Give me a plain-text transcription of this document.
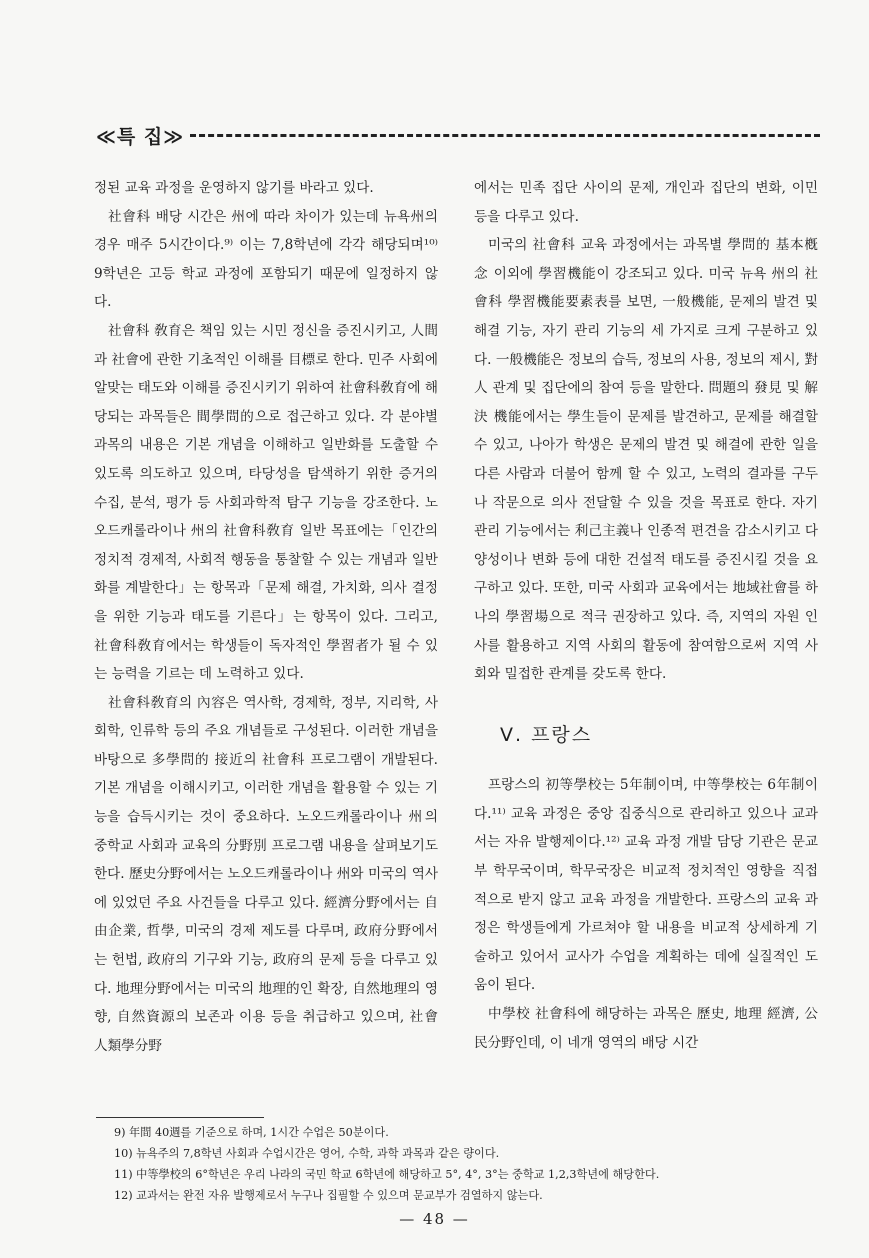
≪특 집≫

정된 교육 과정을 운영하지 않기를 바라고 있다.

社會科 배당 시간은 州에 따라 차이가 있는데 뉴욕州의 경우 매주 5시간이다.⁹⁾ 이는 7,8학년에 각각 해당되며¹⁰⁾ 9학년은 고등 학교 과정에 포함되기 때문에 일정하지 않다.

社會科 敎育은 책임 있는 시민 정신을 증진시키고, 人間과 社會에 관한 기초적인 이해를 目標로 한다. 민주 사회에 알맞는 태도와 이해를 증진시키기 위하여 社會科敎育에 해당되는 과목들은 間學問的으로 접근하고 있다. 각 분야별 과목의 내용은 기본 개념을 이해하고 일반화를 도출할 수 있도록 의도하고 있으며, 타당성을 탐색하기 위한 증거의 수집, 분석, 평가 등 사회과학적 탐구 기능을 강조한다. 노오드캐롤라이나 州의 社會科敎育 일반 목표에는「인간의 정치적 경제적, 사회적 행동을 통찰할 수 있는 개념과 일반화를 계발한다」는 항목과「문제 해결, 가치화, 의사 결정을 위한 기능과 태도를 기른다」는 항목이 있다. 그리고, 社會科敎育에서는 학생들이 독자적인 學習者가 될 수 있는 능력을 기르는 데 노력하고 있다.

社會科敎育의 內容은 역사학, 경제학, 정부, 지리학, 사회학, 인류학 등의 주요 개념들로 구성된다. 이러한 개념을 바탕으로 多學問的 接近의 社會科 프로그램이 개발된다. 기본 개념을 이해시키고, 이러한 개념을 활용할 수 있는 기능을 습득시키는 것이 중요하다. 노오드캐롤라이나 州의 중학교 사회과 교육의 分野別 프로그램 내용을 살펴보기도 한다. 歷史分野에서는 노오드캐롤라이나 州와 미국의 역사에 있었던 주요 사건들을 다루고 있다. 經濟分野에서는 自由企業, 哲學, 미국의 경제 제도를 다루며, 政府分野에서는 헌법, 政府의 기구와 기능, 政府의 문제 등을 다루고 있다. 地理分野에서는 미국의 地理的인 확장, 自然地理의 영향, 自然資源의 보존과 이용 등을 취급하고 있으며, 社會人類學分野

에서는 민족 집단 사이의 문제, 개인과 집단의 변화, 이민 등을 다루고 있다.

미국의 社會科 교육 과정에서는 과목별 學問的 基本槪念 이외에 學習機能이 강조되고 있다. 미국 뉴욕 州의 社會科 學習機能要素表를 보면, 一般機能, 문제의 발견 및 해결 기능, 자기 관리 기능의 세 가지로 크게 구분하고 있다. 一般機能은 정보의 습득, 정보의 사용, 정보의 제시, 對人 관계 및 집단에의 참여 등을 말한다. 問題의 發見 및 解決 機能에서는 學生들이 문제를 발견하고, 문제를 해결할 수 있고, 나아가 학생은 문제의 발견 및 해결에 관한 일을 다른 사람과 더불어 함께 할 수 있고, 노력의 결과를 구두나 작문으로 의사 전달할 수 있을 것을 목표로 한다. 자기 관리 기능에서는 利己主義나 인종적 편견을 감소시키고 다양성이나 변화 등에 대한 건설적 태도를 증진시킬 것을 요구하고 있다. 또한, 미국 사회과 교육에서는 地域社會를 하나의 學習場으로 적극 권장하고 있다. 즉, 지역의 자원 인사를 활용하고 지역 사회의 활동에 참여함으로써 지역 사회와 밀접한 관계를 갖도록 한다.

Ⅴ. 프랑스

프랑스의 初等學校는 5年制이며, 中等學校는 6年制이다.¹¹⁾ 교육 과정은 중앙 집중식으로 관리하고 있으나 교과서는 자유 발행제이다.¹²⁾ 교육 과정 개발 담당 기관은 문교부 학무국이며, 학무국장은 비교적 정치적인 영향을 직접적으로 받지 않고 교육 과정을 개발한다. 프랑스의 교육 과정은 학생들에게 가르쳐야 할 내용을 비교적 상세하게 기술하고 있어서 교사가 수업을 계획하는 데에 실질적인 도움이 된다.

中學校 社會科에 해당하는 과목은 歷史, 地理 經濟, 公民分野인데, 이 네개 영역의 배당 시간

9) 年間 40週를 기준으로 하며, 1시간 수업은 50분이다.
10) 뉴욕주의 7,8학년 사회과 수업시간은 영어, 수학, 과학 과목과 같은 량이다.
11) 中等學校의 6°학년은 우리 나라의 국민 학교 6학년에 해당하고 5°, 4°, 3°는 중학교 1,2,3학년에 해당한다.
12) 교과서는 완전 자유 발행제로서 누구나 집필할 수 있으며 문교부가 검열하지 않는다.
— 48 —
